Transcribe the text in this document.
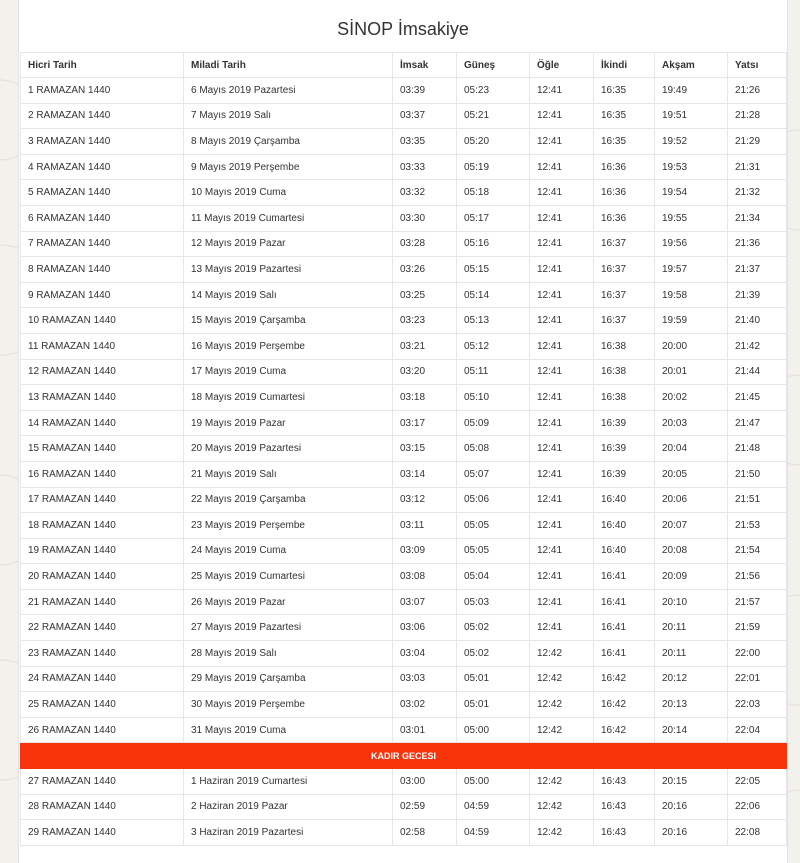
SİNOP İmsakiye
Hicri Tarih	Miladi Tarih	İmsak	Güneş	Öğle	İkindi	Akşam	Yatsı
1 RAMAZAN 1440	6 Mayıs 2019 Pazartesi	03:39	05:23	12:41	16:35	19:49	21:26
2 RAMAZAN 1440	7 Mayıs 2019 Salı	03:37	05:21	12:41	16:35	19:51	21:28
3 RAMAZAN 1440	8 Mayıs 2019 Çarşamba	03:35	05:20	12:41	16:35	19:52	21:29
4 RAMAZAN 1440	9 Mayıs 2019 Perşembe	03:33	05:19	12:41	16:36	19:53	21:31
5 RAMAZAN 1440	10 Mayıs 2019 Cuma	03:32	05:18	12:41	16:36	19:54	21:32
6 RAMAZAN 1440	11 Mayıs 2019 Cumartesi	03:30	05:17	12:41	16:36	19:55	21:34
7 RAMAZAN 1440	12 Mayıs 2019 Pazar	03:28	05:16	12:41	16:37	19:56	21:36
8 RAMAZAN 1440	13 Mayıs 2019 Pazartesi	03:26	05:15	12:41	16:37	19:57	21:37
9 RAMAZAN 1440	14 Mayıs 2019 Salı	03:25	05:14	12:41	16:37	19:58	21:39
10 RAMAZAN 1440	15 Mayıs 2019 Çarşamba	03:23	05:13	12:41	16:37	19:59	21:40
11 RAMAZAN 1440	16 Mayıs 2019 Perşembe	03:21	05:12	12:41	16:38	20:00	21:42
12 RAMAZAN 1440	17 Mayıs 2019 Cuma	03:20	05:11	12:41	16:38	20:01	21:44
13 RAMAZAN 1440	18 Mayıs 2019 Cumartesi	03:18	05:10	12:41	16:38	20:02	21:45
14 RAMAZAN 1440	19 Mayıs 2019 Pazar	03:17	05:09	12:41	16:39	20:03	21:47
15 RAMAZAN 1440	20 Mayıs 2019 Pazartesi	03:15	05:08	12:41	16:39	20:04	21:48
16 RAMAZAN 1440	21 Mayıs 2019 Salı	03:14	05:07	12:41	16:39	20:05	21:50
17 RAMAZAN 1440	22 Mayıs 2019 Çarşamba	03:12	05:06	12:41	16:40	20:06	21:51
18 RAMAZAN 1440	23 Mayıs 2019 Perşembe	03:11	05:05	12:41	16:40	20:07	21:53
19 RAMAZAN 1440	24 Mayıs 2019 Cuma	03:09	05:05	12:41	16:40	20:08	21:54
20 RAMAZAN 1440	25 Mayıs 2019 Cumartesi	03:08	05:04	12:41	16:41	20:09	21:56
21 RAMAZAN 1440	26 Mayıs 2019 Pazar	03:07	05:03	12:41	16:41	20:10	21:57
22 RAMAZAN 1440	27 Mayıs 2019 Pazartesi	03:06	05:02	12:41	16:41	20:11	21:59
23 RAMAZAN 1440	28 Mayıs 2019 Salı	03:04	05:02	12:42	16:41	20:11	22:00
24 RAMAZAN 1440	29 Mayıs 2019 Çarşamba	03:03	05:01	12:42	16:42	20:12	22:01
25 RAMAZAN 1440	30 Mayıs 2019 Perşembe	03:02	05:01	12:42	16:42	20:13	22:03
26 RAMAZAN 1440	31 Mayıs 2019 Cuma	03:01	05:00	12:42	16:42	20:14	22:04
KADIR GECESI							
27 RAMAZAN 1440	1 Haziran 2019 Cumartesi	03:00	05:00	12:42	16:43	20:15	22:05
28 RAMAZAN 1440	2 Haziran 2019 Pazar	02:59	04:59	12:42	16:43	20:16	22:06
29 RAMAZAN 1440	3 Haziran 2019 Pazartesi	02:58	04:59	12:42	16:43	20:16	22:08
